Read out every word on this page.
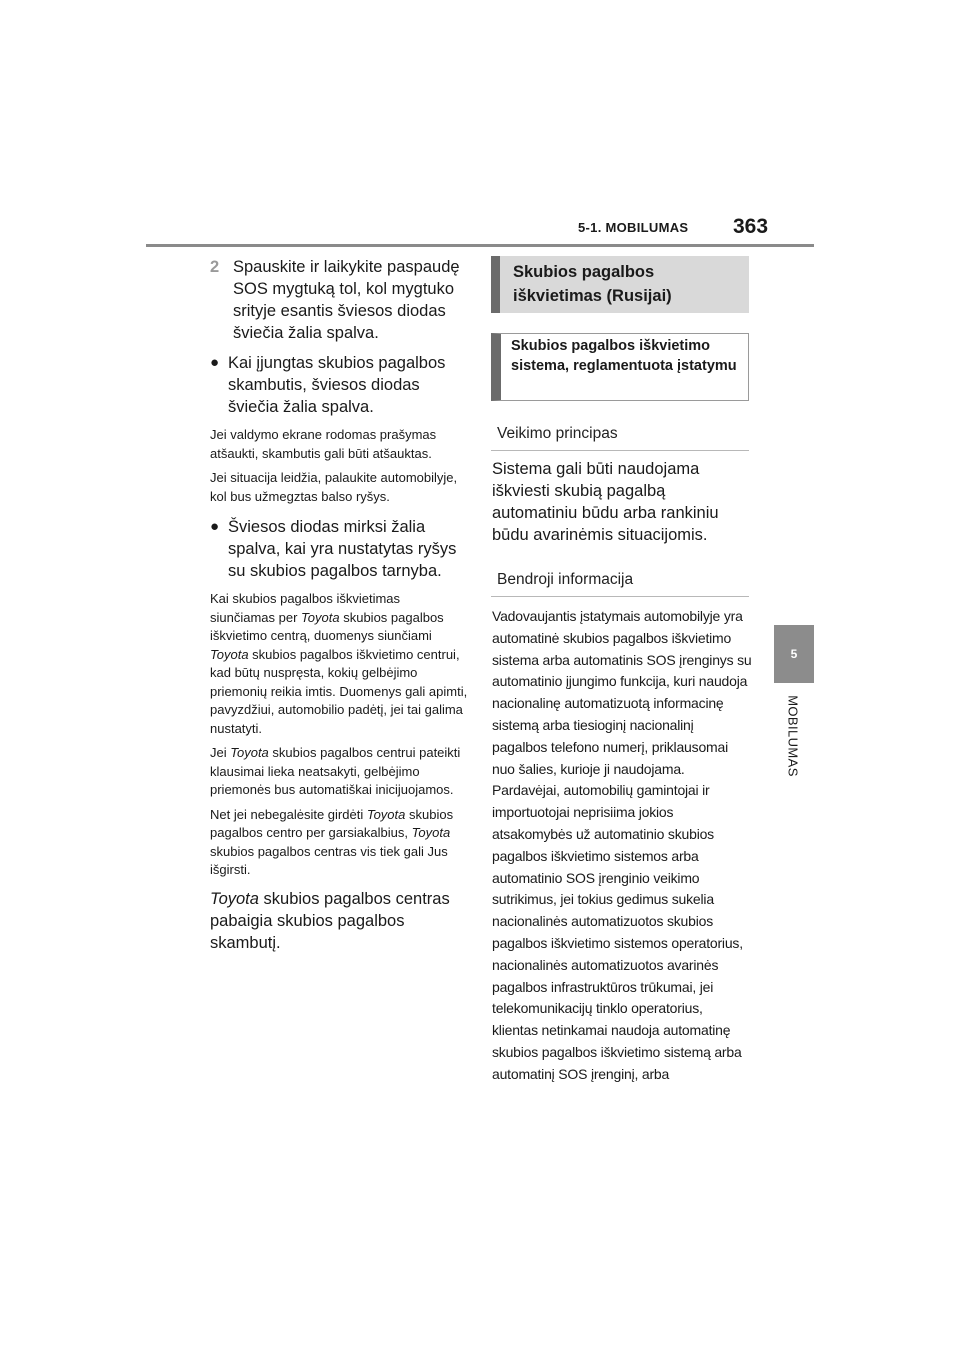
5-1. MOBILUMAS 363
5
MOBILUMAS
2 Spauskite ir laikykite paspaudę SOS mygtuką tol, kol mygtuko srityje esantis šviesos diodas šviečia žalia spalva.
● Kai įjungtas skubios pagalbos skambutis, šviesos diodas šviečia žalia spalva.

Jei valdymo ekrane rodomas prašymas atšaukti, skambutis gali būti atšauktas.

Jei situacija leidžia, palaukite automobilyje, kol bus užmegztas balso ryšys.

● Šviesos diodas mirksi žalia spalva, kai yra nustatytas ryšys su skubios pagalbos tarnyba.

Kai skubios pagalbos iškvietimas siunčiamas per Toyota skubios pagalbos iškvietimo centrą, duomenys siunčiami Toyota skubios pagalbos iškvietimo centrui, kad būtų nuspręsta, kokių gelbėjimo priemonių reikia imtis. Duomenys gali apimti, pavyzdžiui, automobilio padėtį, jei tai galima nustatyti.

Jei Toyota skubios pagalbos centrui pateikti klausimai lieka neatsakyti, gelbėjimo priemonės bus automatiškai inicijuojamos.

Net jei nebegalėsite girdėti Toyota skubios pagalbos centro per garsiakalbius, Toyota skubios pagalbos centras vis tiek gali Jus išgirsti.

Toyota skubios pagalbos centras pabaigia skubios pagalbos skambutį.

Skubios pagalbos iškvietimas (Rusijai)
Skubios pagalbos iškvietimo sistema, reglamentuota įstatymu
Veikimo principas
Sistema gali būti naudojama iškviesti skubią pagalbą automatiniu būdu arba rankiniu būdu avarinėmis situacijomis.
Bendroji informacija
Vadovaujantis įstatymais automobilyje yra automatinė skubios pagalbos iškvietimo sistema arba automatinis SOS įrenginys su automatinio įjungimo funkcija, kuri naudoja nacionalinę automatizuotą informacinę sistemą arba tiesioginį nacionalinį pagalbos telefono numerį, priklausomai nuo šalies, kurioje ji naudojama. Pardavėjai, automobilių gamintojai ir importuotojai neprisiima jokios atsakomybės už automatinio skubios pagalbos iškvietimo sistemos arba automatinio SOS įrenginio veikimo sutrikimus, jei tokius gedimus sukelia nacionalinės automatizuotos skubios pagalbos iškvietimo sistemos operatorius, nacionalinės automatizuotos avarinės pagalbos infrastruktūros trūkumai, jei telekomunikacijų tinklo operatorius, klientas netinkamai naudoja automatinę skubios pagalbos iškvietimo sistemą arba automatinį SOS įrenginį, arba
